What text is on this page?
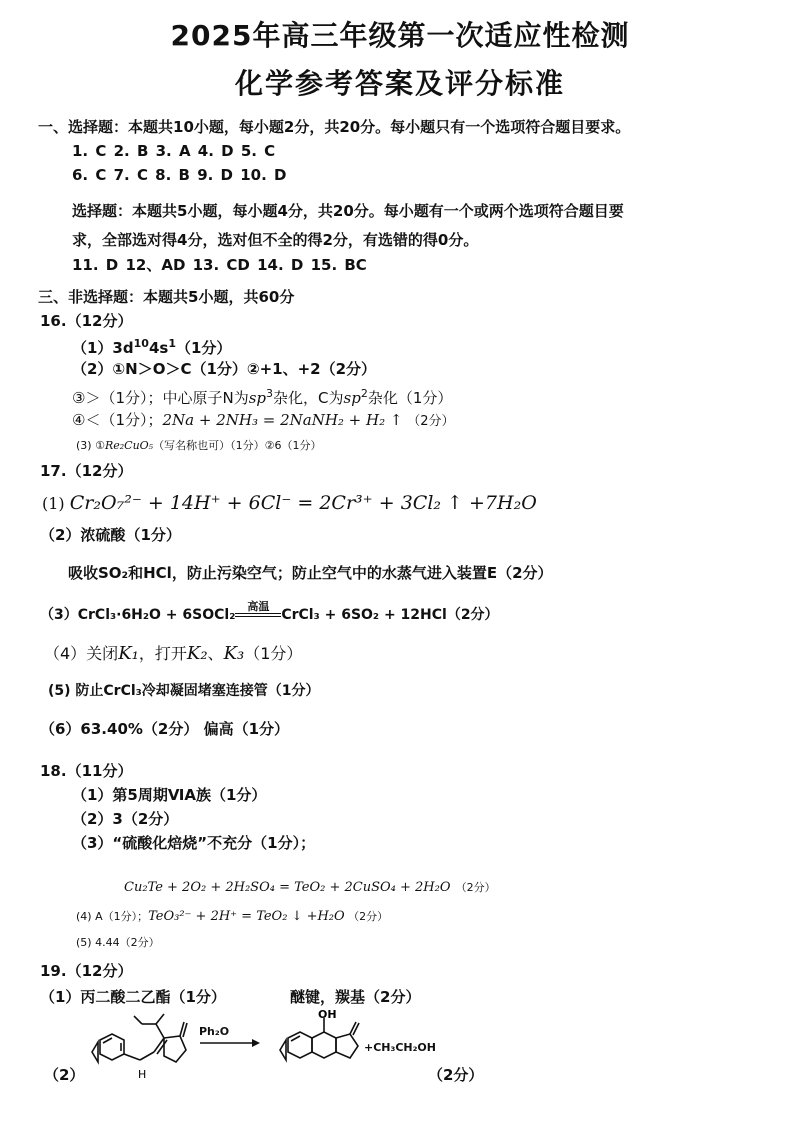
2025年高三年级第一次适应性检测
化学参考答案及评分标准
一、选择题：本题共10小题，每小题2分，共20分。每小题只有一个选项符合题目要求。
1. C 2. B 3. A 4. D 5. C
6. C 7. C 8. B 9. D 10. D
选择题：本题共5小题，每小题4分，共20分。每小题有一个或两个选项符合题目要
求，全部选对得4分，选对但不全的得2分，有选错的得0分。
11. D 12、AD 13. CD 14. D 15. BC
三、非选择题：本题共5小题，共60分
16.（12分）
$(1)3d^{10}4s^1(1$分）
（2）①N＞O＞C（1分）②+1、+2（2分）
③＞（1分）；中心原子N为$sp^3$杂化，C为$sp^2$杂化（1分）
④＜（1分）；2Na + 2NH₃ = 2NaNH₂ + H₂ ↑ （2分）
(3) ①Re₂CuO₅（写名称也可）（1分）②6（1分）
17.（12分）
(1) Cr₂O₇²⁻ + 14H⁺ + 6Cl⁻ = 2Cr³⁺ + 3Cl₂ ↑ +7H₂O
（2）浓硫酸（1分）
吸收SO₂和HCl，防止污染空气；防止空气中的水蒸气进入装置E（2分）
（3）CrCl₃·6H₂O + 6SOCl₂
高温
CrCl₃ + 6SO₂ + 12HCl（2分）
（4）关闭K₁，打开K₂、K₃（1分）
(5) 防止CrCl₃冷却凝固堵塞连接管（1分）
（6）63.40%（2分） 偏高（1分）
18.（11分）
（1）第5周期ⅥA族（1分）
（2）3（2分）
（3）“硫酸化焙烧”不充分（1分）；
Cu₂Te + 2O₂ + 2H₂SO₄ = TeO₂ + 2CuSO₄ + 2H₂O （2分）
(4) A（1分）；TeO₃²⁻ + 2H⁺ = TeO₂ ↓ +H₂O （2分）
(5) 4.44（2分）
19.（12分）
（1）丙二酸二乙酯（1分）	醚键，羰基（2分）
（2）	H
OH
Ph₂O
+CH₃CH₂OH
（2分）
